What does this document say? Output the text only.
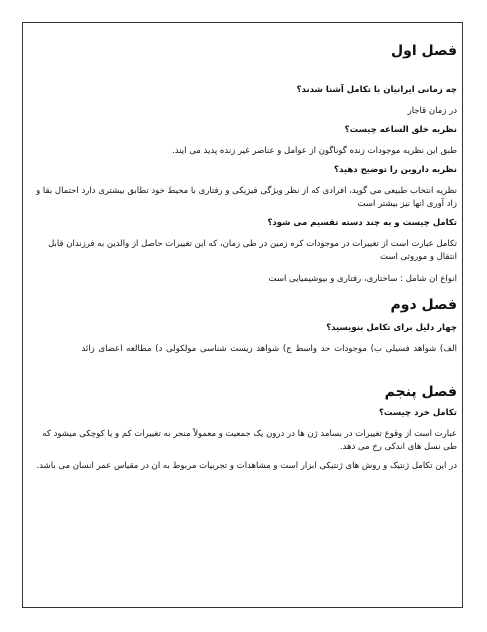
فصل اول

چه زمانی ایرانیان با تکامل آشنا شدند؟

در زمان قاجار

نظریه خلق الساعه چیست؟

طبق این نظریه موجودات زنده گوناگون از عوامل و عناصر غیر زنده پدید می ایند.

نظریه داروین را توضیح دهید؟

نظریه انتخاب طبیعی می گوید، افرادی که از نظر ویژگی فیزیکی و رفتاری با محیط خود تطابق بیشتری دارد احتمال بقا و زاد آوری انها نیز بیشتر است

تکامل چیست و به چند دسته تقسیم می شود؟

تکامل عبارت است از تغییرات در موجودات کره زمین در طی زمان، که این تغییرات حاصل از والدین به فرزندان قابل انتقال و موروثی است

انواع ان شامل : ساختاری، رفتاری و بیوشیمیایی است

فصل دوم

چهار دلیل برای تکامل بنویسید؟

الف) شواهد فسیلی ب) موجودات حد واسط ج) شواهد زیست شناسی مولکولی د) مطالعه اعضای زائد

فصل پنجم

تکامل خرد چیست؟

عبارت است از وقوع تغییرات در بسامد ژن ها در درون یک جمعیت و معمولاً منجر به تغییرات کم و یا کوچکی میشود که طی نسل های اندکی رخ می دهد.

در این تکامل ژنتیک و روش های ژنتیکی ابزار است و مشاهدات و تجربیات مربوط به ان در مقیاس عمر انسان می باشد.
